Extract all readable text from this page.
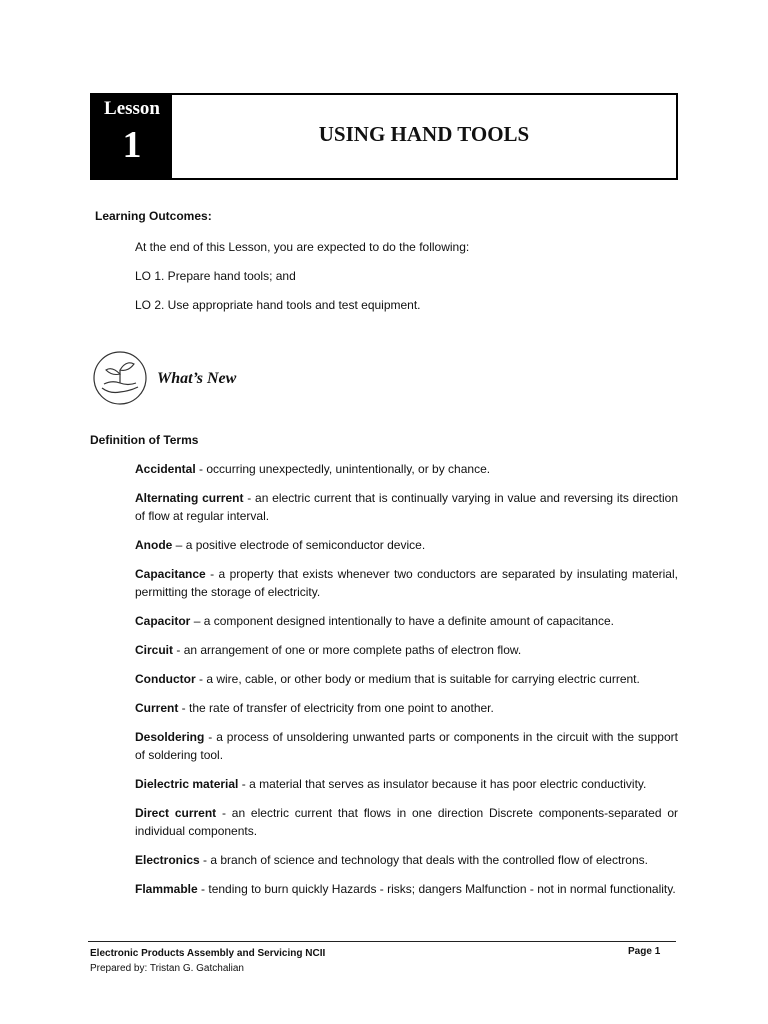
Lesson
1	USING HAND TOOLS
Learning Outcomes:
At the end of this Lesson, you are expected to do the following:
LO 1. Prepare hand tools; and
LO 2. Use appropriate hand tools and test equipment.
What’s New
Definition of Terms

Accidental - occurring unexpectedly, unintentionally, or by chance.

Alternating current - an electric current that is continually varying in value and reversing its direction of flow at regular interval.

Anode – a positive electrode of semiconductor device.

Capacitance - a property that exists whenever two conductors are separated by insulating material, permitting the storage of electricity.

Capacitor – a component designed intentionally to have a definite amount of capacitance.

Circuit - an arrangement of one or more complete paths of electron flow.

Conductor - a wire, cable, or other body or medium that is suitable for carrying electric current.

Current - the rate of transfer of electricity from one point to another.

Desoldering - a process of unsoldering unwanted parts or components in the circuit with the support of soldering tool.

Dielectric material - a material that serves as insulator because it has poor electric conductivity.

Direct current - an electric current that flows in one direction Discrete components-separated or individual components.

Electronics - a branch of science and technology that deals with the controlled flow of electrons.

Flammable - tending to burn quickly Hazards - risks; dangers Malfunction - not in normal functionality.

Electronic Products Assembly and Servicing NCII
Prepared by: Tristan G. Gatchalian
Page 1
